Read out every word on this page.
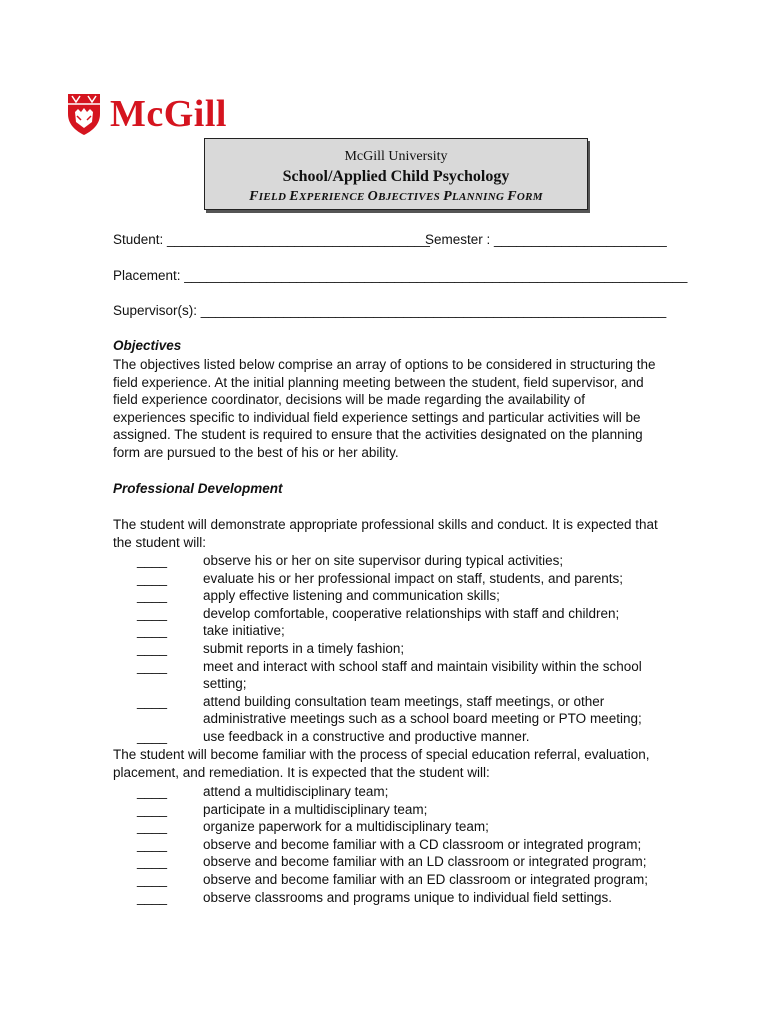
McGill
McGill University
School/Applied Child Psychology
FIELD EXPERIENCE OBJECTIVES PLANNING FORM
Student: ___________________________________
Semester : _______________________
Placement: ___________________________________________________________________
Supervisor(s): ______________________________________________________________
Objectives
The objectives listed below comprise an array of options to be considered in structuring the field experience. At the initial planning meeting between the student, field supervisor, and field experience coordinator, decisions will be made regarding the availability of experiences specific to individual field experience settings and particular activities will be assigned. The student is required to ensure that the activities designated on the planning form are pursued to the best of his or her ability.
Professional Development
The student will demonstrate appropriate professional skills and conduct. It is expected that the student will:
____	observe his or her on site supervisor during typical activities;
____	evaluate his or her professional impact on staff, students, and parents;
____	apply effective listening and communication skills;
____	develop comfortable, cooperative relationships with staff and children;
____	take initiative;
____	submit reports in a timely fashion;
____	meet and interact with school staff and maintain visibility within the school setting;
____	attend building consultation team meetings, staff meetings, or other administrative meetings such as a school board meeting or PTO meeting;
____	use feedback in a constructive and productive manner.
The student will become familiar with the process of special education referral, evaluation, placement, and remediation. It is expected that the student will:
____	attend a multidisciplinary team;
____	participate in a multidisciplinary team;
____	organize paperwork for a multidisciplinary team;
____	observe and become familiar with a CD classroom or integrated program;
____	observe and become familiar with an LD classroom or integrated program;
____	observe and become familiar with an ED classroom or integrated program;
____	observe classrooms and programs unique to individual field settings.
